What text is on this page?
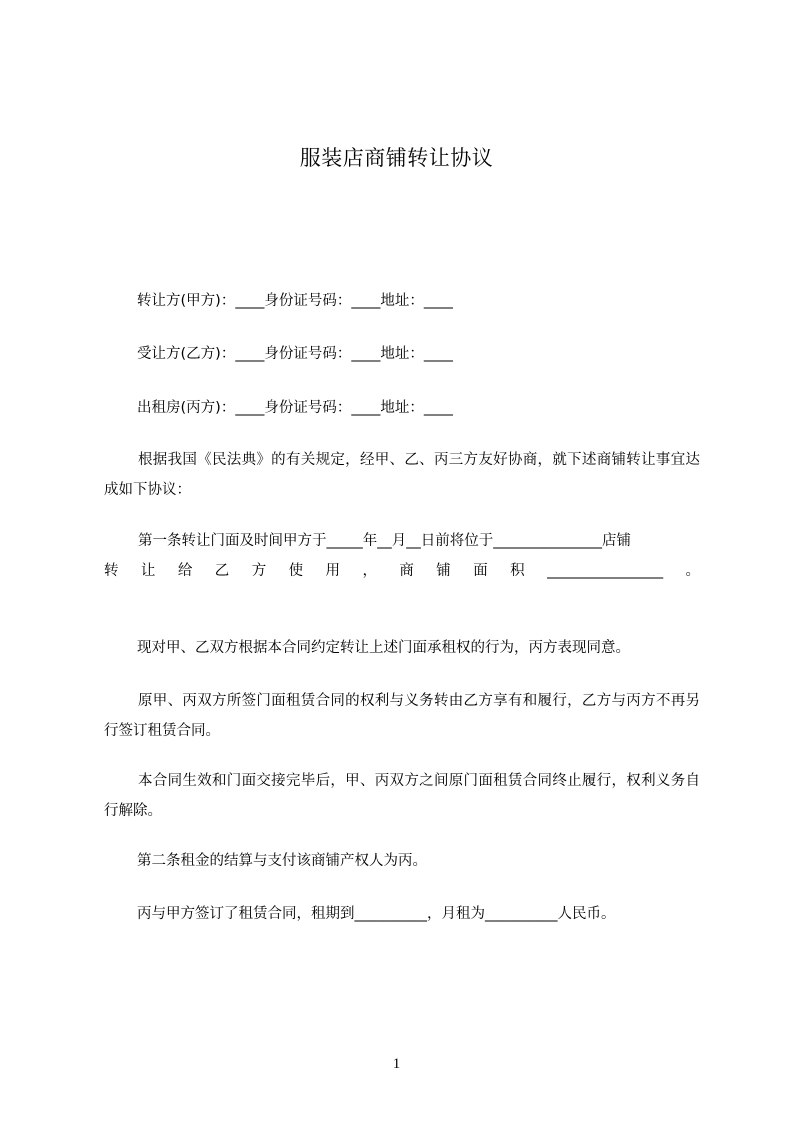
服装店商铺转让协议

转让方(甲方)：____身份证号码：____地址：____

受让方(乙方)：____身份证号码：____地址：____

出租房(丙方)：____身份证号码：____地址：____

根据我国《民法典》的有关规定，经甲、乙、丙三方友好协商，就下述商铺转让事宜达成如下协议：

第一条转让门面及时间甲方于_____年__月__日前将位于_______________店铺

转让给乙方使用，商铺面积________________。

现对甲、乙双方根据本合同约定转让上述门面承租权的行为，丙方表现同意。

原甲、丙双方所签门面租赁合同的权利与义务转由乙方享有和履行，乙方与丙方不再另行签订租赁合同。

本合同生效和门面交接完毕后，甲、丙双方之间原门面租赁合同终止履行，权利义务自行解除。

第二条租金的结算与支付该商铺产权人为丙。

丙与甲方签订了租赁合同，租期到__________，月租为__________人民币。

1
